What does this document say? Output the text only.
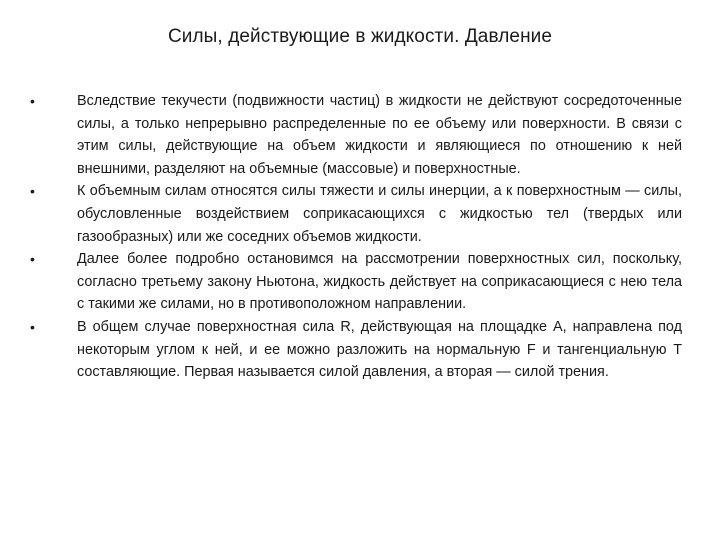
Силы, действующие в жидкости. Давление
•	Вследствие текучести (подвижности частиц) в жидкости не действуют сосредоточенные силы, а только непрерывно распределенные по ее объему или поверхности. В связи с этим силы, действующие на объем жидкости и являющиеся по отношению к ней внешними, разделяют на объемные (массовые) и поверхностные.
•	К объемным силам относятся силы тяжести и силы инерции, а к поверхностным — силы, обусловленные воздействием соприкасающихся с жидкостью тел (твердых или газообразных) или же соседних объемов жидкости.
•	Далее более подробно остановимся на рассмотрении поверхностных сил, поскольку, согласно третьему закону Ньютона, жидкость действует на соприкасающиеся с нею тела с такими же силами, но в противоположном направлении.
•	В общем случае поверхностная сила R, действующая на площадке А, направлена под некоторым углом к ней, и ее можно разложить на нормальную F и тангенциальную Т составляющие. Первая называется силой давления, а вторая — силой трения.
